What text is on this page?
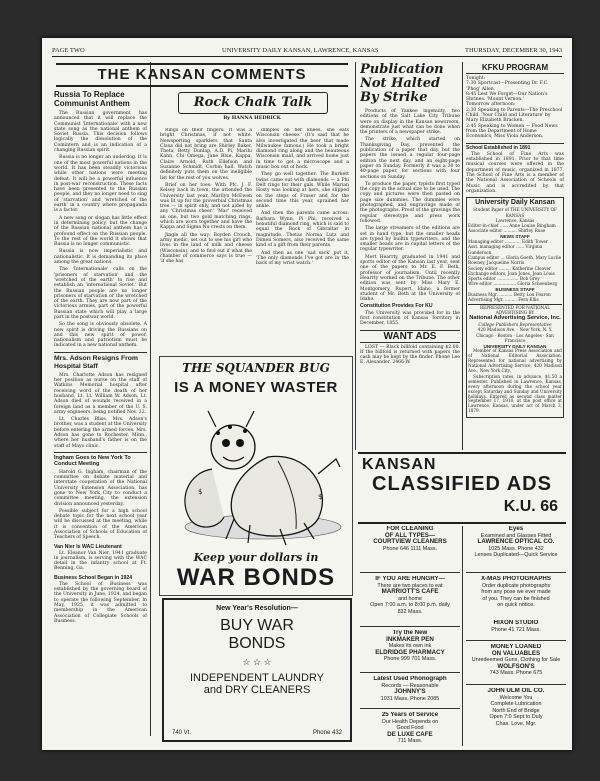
PAGE TWO	UNIVERSITY DAILY KANSAN, LAWRENCE, KANSAS	THURSDAY, DECEMBER 30, 1943
THE KANSAN COMMENTS
Russia To Replace Communist Anthem

The Russian government has announced that it will replace the Communist 'Internationale' with a new state song as the national anthem of Soviet Russia. This decision follows logically the dissolution of the Comintern and is an indication of a changing Russian spirit.

Russia is no longer an underdog. It is one of the most powerful nations in the world. It has been steadily victorious while other nations were meeting defeat. It will be a powerful influence in post-war reconstruction. These facts have been presented to the Russian people, and they no longer need to sing of 'starvation' and 'wretched of the earth' in a country where propaganda is a factor.

A new song or slogan has little effect in determining policy, but the change of the Russian national anthem has a profound effect on the Russian people. To the rest of the world it shows that Russia is no longer communistic.

Russia is now imperialistic and nationalistic. It is demanding its place among the great nations.

The 'Internationale' calls on the 'prisoners of starvation' and the 'wretched of the earth' to rise and establish an 'international Soviet.' But the Russian people are no longer prisoners of starvation or the wretched of the earth. They are now part of the victorious armies, part of the powerful Russian state which will play a large part in the postwar world.

So the song is obviously obsolete. A new spirit is driving the Russians on and this new spirit of power, nationalism and patriotism must be indicated in a new national anthem.

Mrs. Adson Resigns From Hospital Staff

Mrs. Charlotte Adson has resigned her position as nurse on the staff of Watkins Memorial hospital after receiving word of the death of her husband, Lt. Lt. William W. Adson. Lt. Adson died of wounds received in a foreign land as a member of the U. S. army engineers, being notified Nov. 22.

Lt. Charles Bliss, Mrs. Adson's brother, was a student at the University before entering the armed forces. Mrs. Adson has gone to Rochester, Minn., where her husband's father is on the staff of Mayo clinic.

Ingham Goes to New York To Conduct Meeting

Harold G. Ingham, chairman of the committee on debate material and interstate cooperation of the National University Extension Association, has gone to New York City to conduct a committee meeting, the extension division announced yesterday.

Possible subject for a high school debate topic for the next school year will be discussed at the meeting, while it is convention of the American Association of Schools of Education of Teachers of Speech.

Van Nier Is WAC Lieutenant

Lt. Eleanor Van Nier, 1941 graduate in journalism, is serving with the WAC detail in the infantry school at Ft. Benning, Ga.

Business School Began in 1924

The School of Business was established by the governing board of the University in June, 1924, and began to operate the following September. In May, 1925, it was admitted to membership in the American Association of Collegiate Schools of Business.

Rock Chalk Talk
By HANNA HEDRICK

Rings on their fingers: It was a bright Christmas, if not white. Newsporting sparklers that Santa Claus did not bring are Shirley Baker, Theta, Betty Dunlap, A.D. Pi, Marilu Kahn, Chi Omega, Jane Blue, Kappa, Claire Arnold, Ruth Ellefson and Suzanne Schmidt, Corbin hall. Watch definitely puts them on the ineligible list for the rest of you wolves.

Brief on her toes: With Pfc. J. F. Kelsey back in town, the attended the University last year, Marilyn McEwen was lit up for the proverbial Christmas tree — in spirit only, and not aided by any 'Christmas cheer.' 'Mac' received an one, but two gold matching rings, which are worn together and have the Kappa and Sigma Nu crests on them.

Jingle all the way: Boyden Crouch, army medic, set out to see his girl who lives in the land of milk and cheese (Wisconsin), and to find out if what the chamber of commerce says is true — 'if she has

dimples on her knees, she eats Wisconsin cheese.' (It's said that he also investigated the beer that made Milwaukee famous.) He took a bright diamond ring along and the beauteous Wisconsin maid, and arrived home just in time to get a microscope and a music box out of hock.

They go well together: The Burkett twins came out with diamonds — a Phi Delt rings for their gals. While Marian Hosty was looking at hers, she slipped on the steps of Fraser and for the second time this year, sprained her ankle.

And then the parents came across: Barbara Wynn, Pi Phi, received a beautiful diamond ring, which is said to equal the Rock of Gibraltar in magnitude. Thetas Norma Lutz and Dimen Somers, also received the same kind of a gift from their parents.

And then as one 'sad sack' put it, 'The only diamonds I've got are in the back of my wrist watch.'

THE SQUANDER BUG
IS A MONEY WASTER
$
$
Keep your dollars in
WAR BONDS
New Year's Resolution—
BUY WAR
BONDS
☆ ☆ ☆
INDEPENDENT LAUNDRY
and DRY CLEANERS
740 Vt.	Phone 432
Publication Not Halted By Strike

Products of Yankee ingenuity, two editions of the Salt Lake City Tribune were on display in the Kansan newsroom, demonstrate just what can be done when the printers of a newspaper strike.

The strike, which started on Thanksgiving Day, prevented the publication of a paper that day, but the papers the issued a regular four-page edition the next day, and an eight-page paper on Sunday. Formerly it was a 30 to 40-page paper, for sections with four sections on Sunday.

To produce the paper, typists first typed the copy in the actual size to be used. The copy and pictures were then pasted on page size dummies. The dummies were photographed, and engravings made of the photographs. Proof of the gravings the regular stereotype and press work followed.

The large streamers of the editions are set in hand type, but the smaller heads are typed by builtin typewriters, and the smaller heads are in capital letters of the regular typewriter.

Mert Hearrty, graduated in 1941 and sports editor of the Kansan last year, sent one of the papers to Mr. E. F. Beth, professor of journalism. Until recently Hearrty worked on the Tribune. The other edition was sent by Miss Mary E. Montgomery, Rupert, Idaho, a former student of Mr. Beth at the University of Idaho.

Constitution Provides For KU

The University was provided for in the first constitution of Kansas Territory in December, 1855.

WANT ADS

LOST — Black billfold containing $2.00. If the billfold is returned with papers the cash may be kept by the finder. Phone Lee E. Alexander, 2466-W.

KFKU PROGRAM
Tonight:
7:30 Sportcast—Presenting Dr. F.C. 'Phog' Allen.
8:45 Lest We Forget—Our Nation's Shrines. 'Mount Vernon.'
Tomorrow afternoon:
2:30 Speaking to Parents—The Preschool Child. 'Your Child and Literature' by Mary Elizabeth Bracken.
2:45 Speaking to Women — Food News from the Department of Home Economics, Miss Viola Anderson.
School Established in 1891

The School of Fine Arts was established in 1891. Prior to that time musical courses were offered in the department of music, organized in 1877. The School of Fine Arts is a member of the National Association of Schools of Music and is accredited by that organization.

University Daily Kansan
Student Paper of THE UNIVERSITY OF KANSAS
Lawrence, Kansas
Editor-in-chief ...... Anne Louise Bingham
Associate editor .......... Shirley Ruse
NEWS STAFF
Managing editor ............ Edith Tower
Asst. managing editor ...... Virginia Gunderson
Campus editor ... Gloria Goeth, Mary Lucile Rowney, Jacqueline Norris
Society editor ......... Katherine Cleaver
Exchange editors, Joan Jones, Jean Louis
Sports editor ................ Bob Grey
Wire editor ................. Gloria Schoenberg
BUSINESS STAFF
Business Mgr. .......... Betty Lou Fearon
Advertising Mgr. ......... Fern Ellis
REPRESENTED FOR NATIONAL ADVERTISING BY
National Advertising Service, Inc.
College Publishers Representative
420 Madison Ave. · New York, N. Y.
Chicago · Boston · Los Angeles · San Francisco
UNIVERSITY DAILY KANSAN

Member of Kansas Press Association and of National Editorial Association. Represented for national advertising by National Advertising Service, 420 Madison Ave., New York City.

Subscription rates, in advance, $1.50 a semester. Published in Lawrence, Kansas, every afternoon during the school year except Saturday and Sunday and University holidays. Entered as second class matter September 17, 1910, at the post office at Lawrence, Kansas, under act of March 3, 1879.

KANSAN
CLASSIFIED ADS
K.U. 66
FOR CLEANING
OF ALL TYPES—
COURTVIEW CLEANERS
Phone 646 1111 Mass.
IF YOU ARE HUNGRY—
There are two places to eat
MARRIOTT'S CAFE
and home
Open 7:00 a.m. to 8:00 p.m. daily
832 Mass.
Try the New
INKMAKER PEN
Makes its own ink
ELDRIDGE PHARMACY
Phone 999 701 Mass.
Latest Used Phonograph
Records — Reasonable
JOHNNY'S
1031 Mass. Phone 2085
25 Years of Service
Our Health Depends on
Good Food
DE LUXE CAFE
711 Mass.
Eyes
Examined and Glasses Fitted
LAWRENCE OPTICAL CO.
1025 Mass. Phone 432
Lenses Duplicated—Quick Service
X-MAS PHOTOGRAPHS
Order duplicate photographs
from any pose we ever made
of you. They can be finished
on quick notice.
HIXON STUDIO
Phone 41 721 Mass.
MONEY LOANED
ON VALUABLES
Unredeemed Guns, Clothing for Sale
WOLFSON'S
743 Mass. Phone 675
JOHN ULM OIL CO.
Welcome You
Complete Lubrication
North End of Bridge
Open 7:0 Sept to Duly
Chas. Love, Mgr.
